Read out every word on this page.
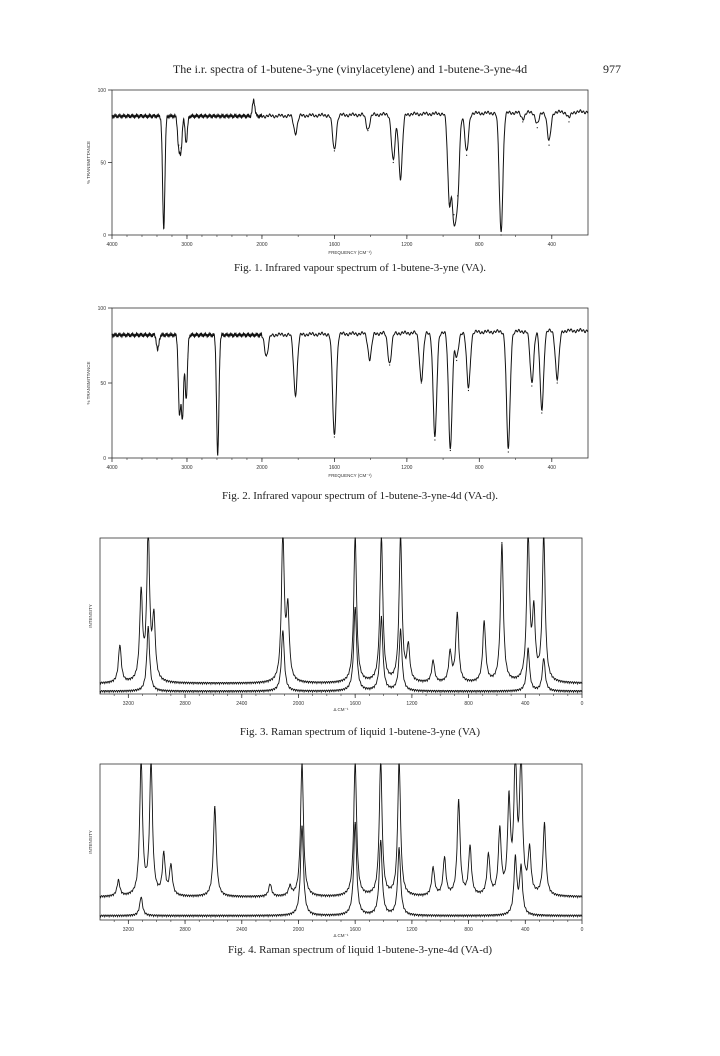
The i.r. spectra of 1-butene-3-yne (vinylacetylene) and 1-butene-3-yne-4d	977
100
50
0
4000	3000	2000	1600	1200	800	400
FREQUENCY (CM⁻¹)
% TRANSMITTANCE
Fig. 1. Infrared vapour spectrum of 1-butene-3-yne (VA).
100
50
0
4000	3000	2000	1600	1200	800	400
FREQUENCY (CM⁻¹)
% TRANSMITTANCE
Fig. 2. Infrared vapour spectrum of 1-butene-3-yne-4d (VA-d).
3200	2800	2400	2000	1600	1200	800	400	0
Δ CM⁻¹
INTENSITY
Fig. 3. Raman spectrum of liquid 1-butene-3-yne (VA)
3200	2800	2400	2000	1600	1200	800	400	0
Δ CM⁻¹
INTENSITY
Fig. 4. Raman spectrum of liquid 1-butene-3-yne-4d (VA-d)
